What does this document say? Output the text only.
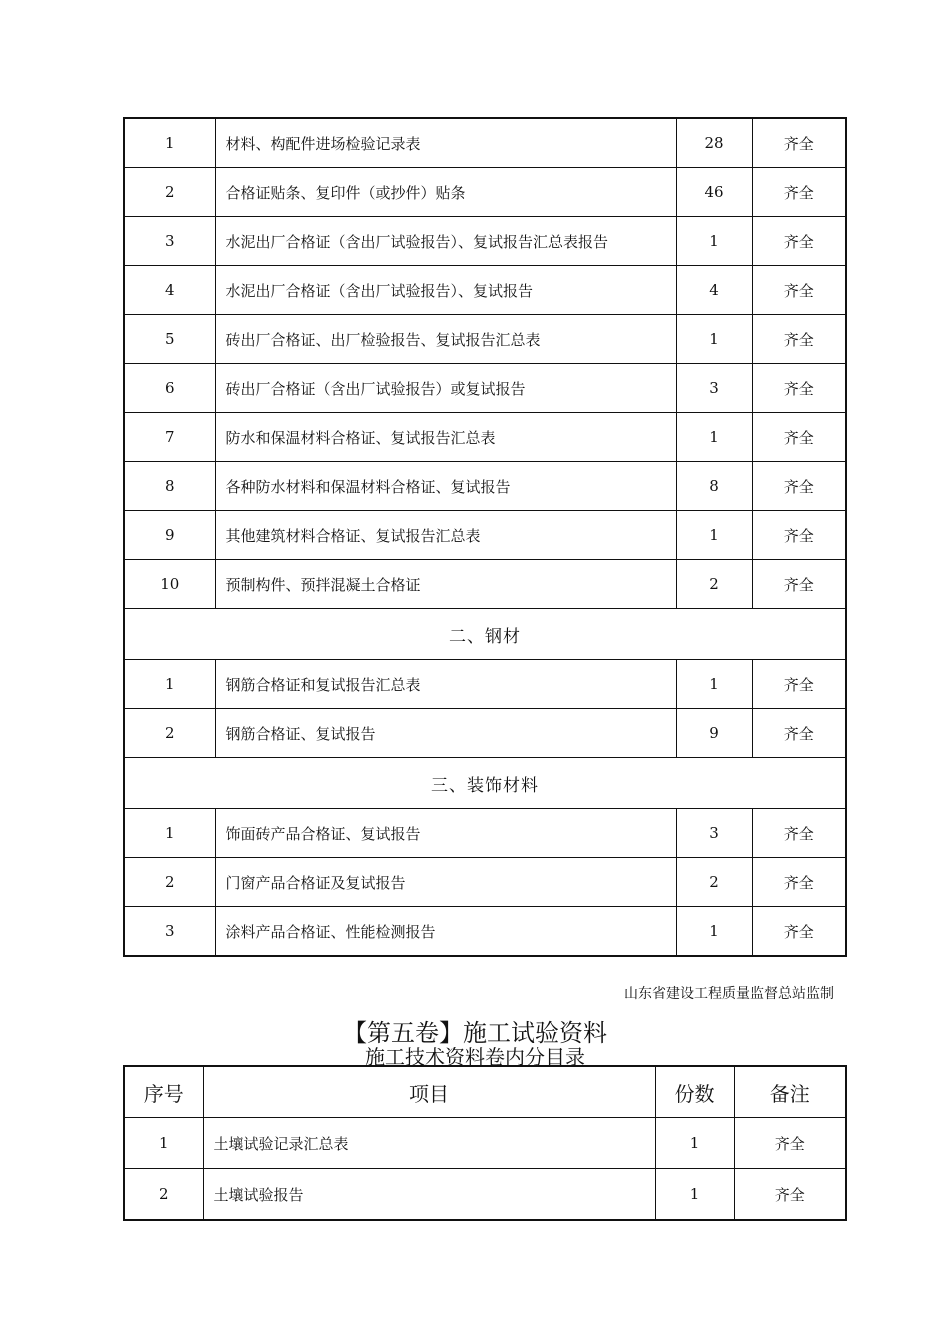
1	材料、构配件进场检验记录表	28	齐全
2	合格证贴条、复印件（或抄件）贴条	46	齐全
3	水泥出厂合格证（含出厂试验报告）、复试报告汇总表报告	1	齐全
4	水泥出厂合格证（含出厂试验报告）、复试报告	4	齐全
5	砖出厂合格证、出厂检验报告、复试报告汇总表	1	齐全
6	砖出厂合格证（含出厂试验报告）或复试报告	3	齐全
7	防水和保温材料合格证、复试报告汇总表	1	齐全
8	各种防水材料和保温材料合格证、复试报告	8	齐全
9	其他建筑材料合格证、复试报告汇总表	1	齐全
10	预制构件、预拌混凝土合格证	2	齐全
二、钢材			
1	钢筋合格证和复试报告汇总表	1	齐全
2	钢筋合格证、复试报告	9	齐全
三、装饰材料			
1	饰面砖产品合格证、复试报告	3	齐全
2	门窗产品合格证及复试报告	2	齐全
3	涂料产品合格证、性能检测报告	1	齐全
山东省建设工程质量监督总站监制
【第五卷】施工试验资料
施工技术资料卷内分目录
序号	项目	份数	备注
1	土壤试验记录汇总表	1	齐全
2	土壤试验报告	1	齐全
